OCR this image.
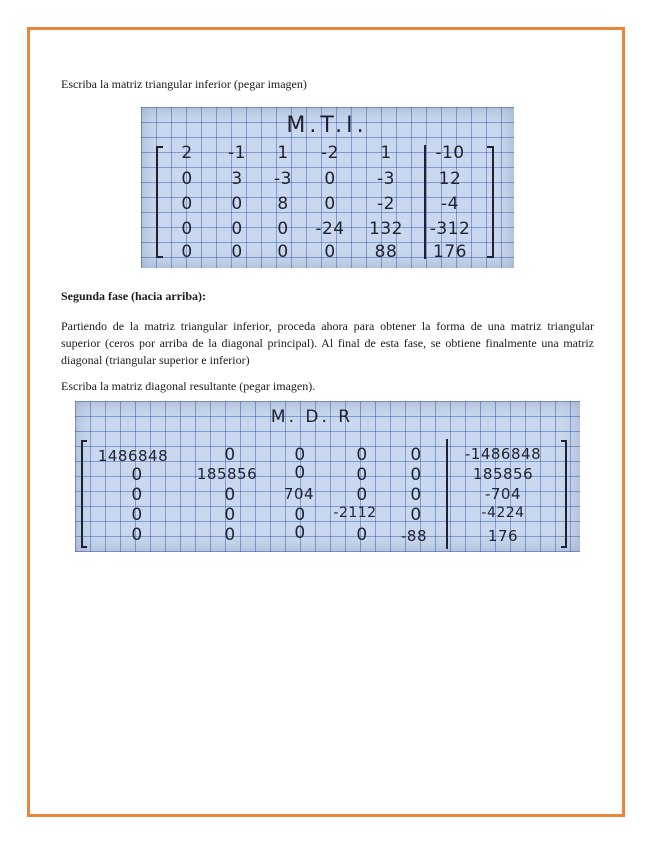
Escriba la matriz triangular inferior (pegar imagen)
M.T.I.
2 -1 1 -2 1	-10
0 3 -3 0 -3	12
0 0 8 0 -2	-4
0 0 0 -24 132 -312
0 0 0 0 88 176
Segunda fase (hacia arriba):
Partiendo de la matriz triangular inferior, proceda ahora para obtener la forma de una matriz triangular superior (ceros por arriba de la diagonal principal). Al final de esta fase, se obtiene finalmente una matriz diagonal (triangular superior e inferior)
Escriba la matriz diagonal resultante (pegar imagen).
M. D. R
1486848	0	0	0	0	-1486848
0	185856 0	0	0	185856
0	0	704 0	0	-704
0	0	0 -2112 0	-4224
0	0	0	0 -88	176
